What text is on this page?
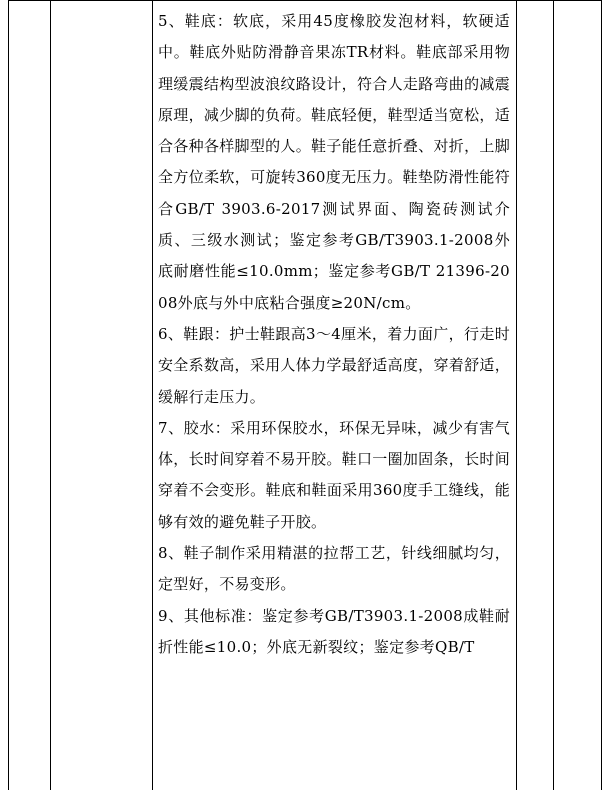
5、鞋底：软底，采用45度橡胶发泡材料，软硬适中。鞋底外贴防滑静音果冻TR材料。鞋底部采用物理缓震结构型波浪纹路设计，符合人走路弯曲的减震原理，减少脚的负荷。鞋底轻便，鞋型适当宽松，适合各种各样脚型的人。鞋子能任意折叠、对折，上脚全方位柔软，可旋转360度无压力。鞋垫防滑性能符合GB/T 3903.6-2017测试界面、陶瓷砖测试介质、三级水测试；鉴定参考GB/T3903.1-2008外底耐磨性能≤10.0mm；鉴定参考GB/T 21396-2008外底与外中底粘合强度≥20N/cm。

6、鞋跟：护士鞋跟高3～4厘米，着力面广，行走时安全系数高，采用人体力学最舒适高度，穿着舒适，缓解行走压力。

7、胶水：采用环保胶水，环保无异味，减少有害气体，长时间穿着不易开胶。鞋口一圈加固条，长时间穿着不会变形。鞋底和鞋面采用360度手工缝线，能够有效的避免鞋子开胶。

8、鞋子制作采用精湛的拉帮工艺，针线细腻均匀，定型好，不易变形。

9、其他标准：鉴定参考GB/T3903.1-2008成鞋耐折性能≤10.0；外底无新裂纹；鉴定参考QB/T
